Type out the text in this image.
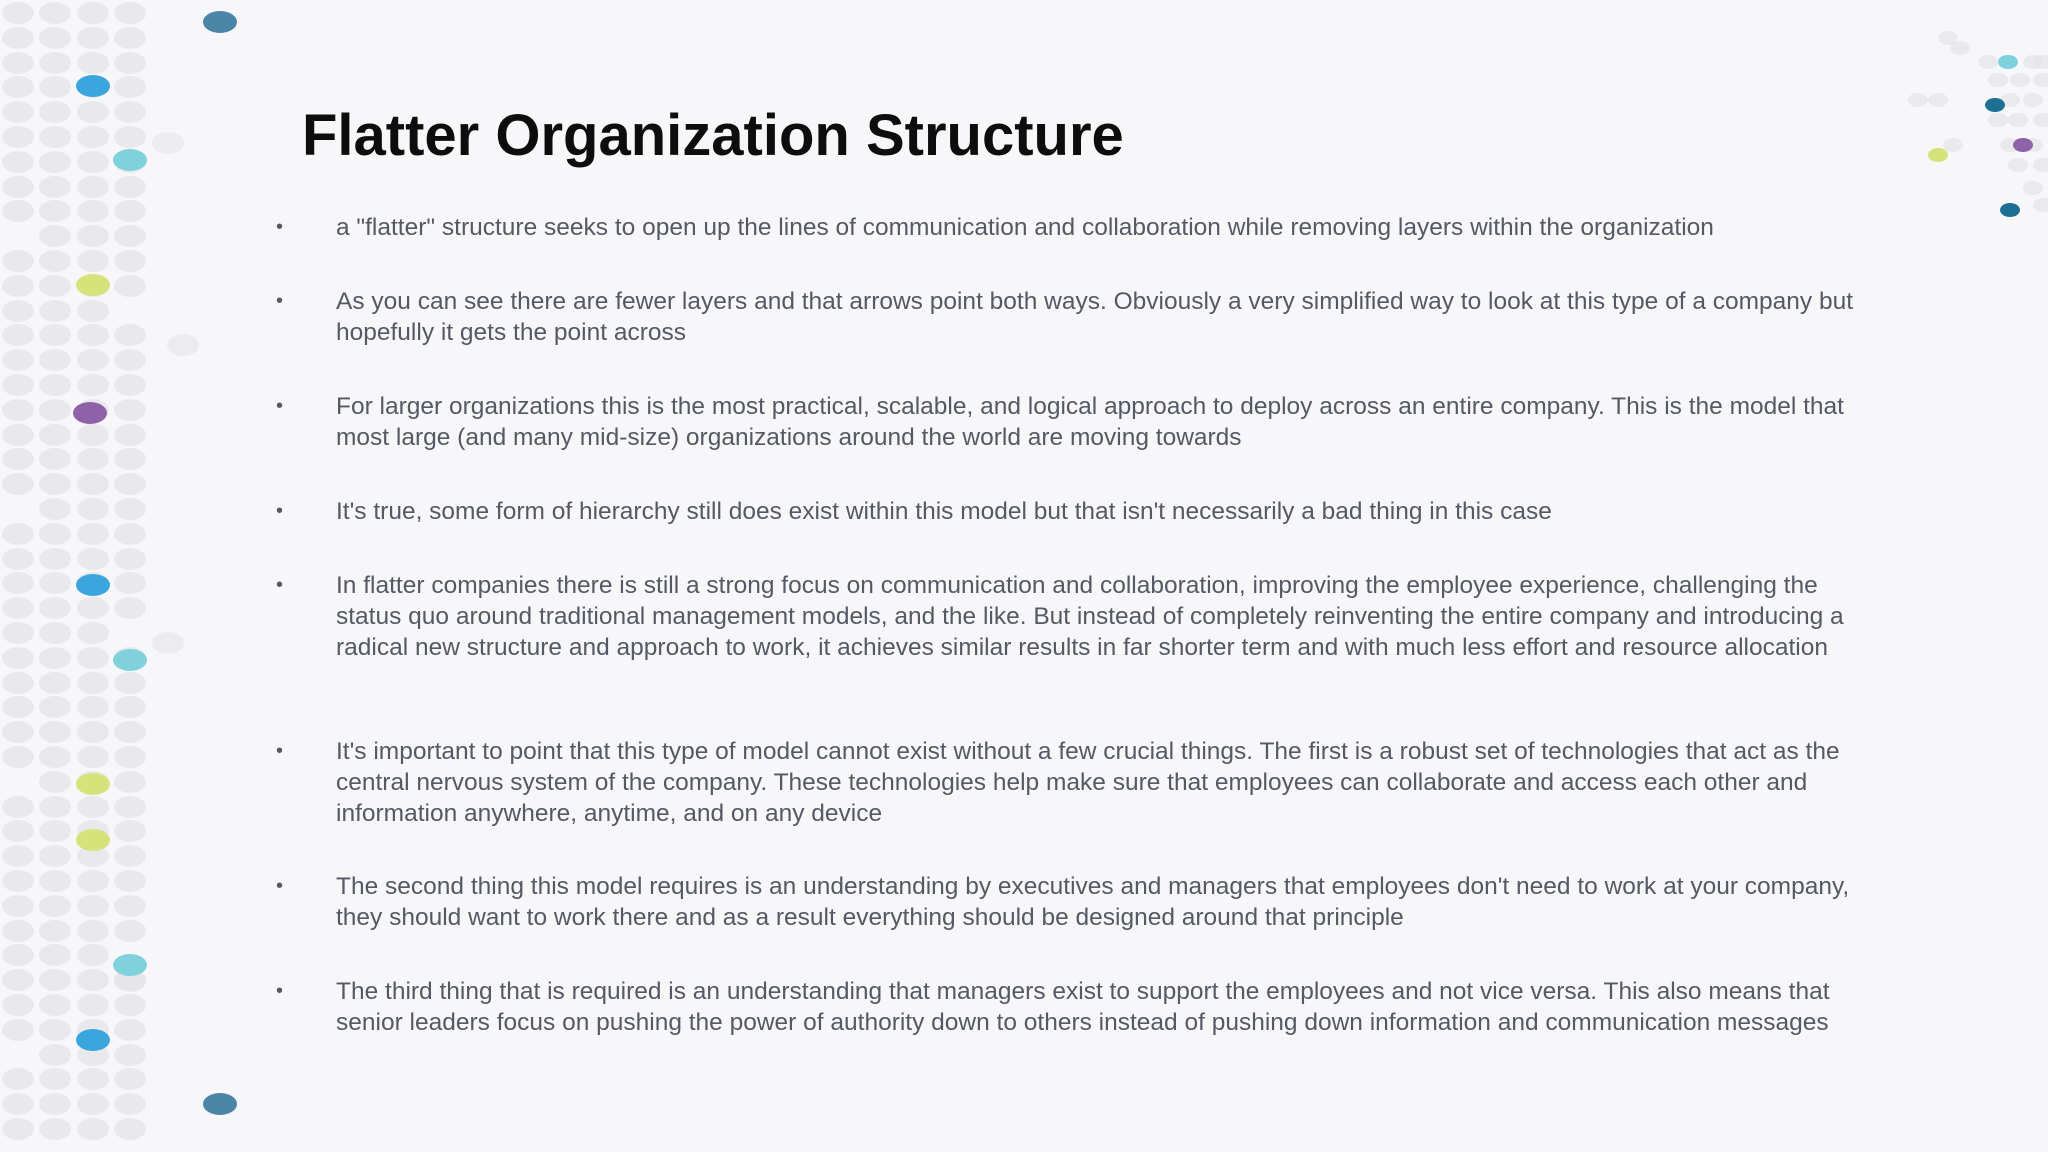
Flatter Organization Structure
• a "flatter" structure seeks to open up the lines of communication and collaboration while removing layers within the organization
• As you can see there are fewer layers and that arrows point both ways. Obviously a very simplified way to look at this type of a company but hopefully it gets the point across
• For larger organizations this is the most practical, scalable, and logical approach to deploy across an entire company. This is the model that most large (and many mid-size) organizations around the world are moving towards
• It's true, some form of hierarchy still does exist within this model but that isn't necessarily a bad thing in this case
• In flatter companies there is still a strong focus on communication and collaboration, improving the employee experience, challenging the status quo around traditional management models, and the like. But instead of completely reinventing the entire company and introducing a radical new structure and approach to work, it achieves similar results in far shorter term and with much less effort and resource allocation
• It's important to point that this type of model cannot exist without a few crucial things. The first is a robust set of technologies that act as the central nervous system of the company. These technologies help make sure that employees can collaborate and access each other and information anywhere, anytime, and on any device
• The second thing this model requires is an understanding by executives and managers that employees don't need to work at your company, they should want to work there and as a result everything should be designed around that principle
• The third thing that is required is an understanding that managers exist to support the employees and not vice versa. This also means that senior leaders focus on pushing the power of authority down to others instead of pushing down information and communication messages
